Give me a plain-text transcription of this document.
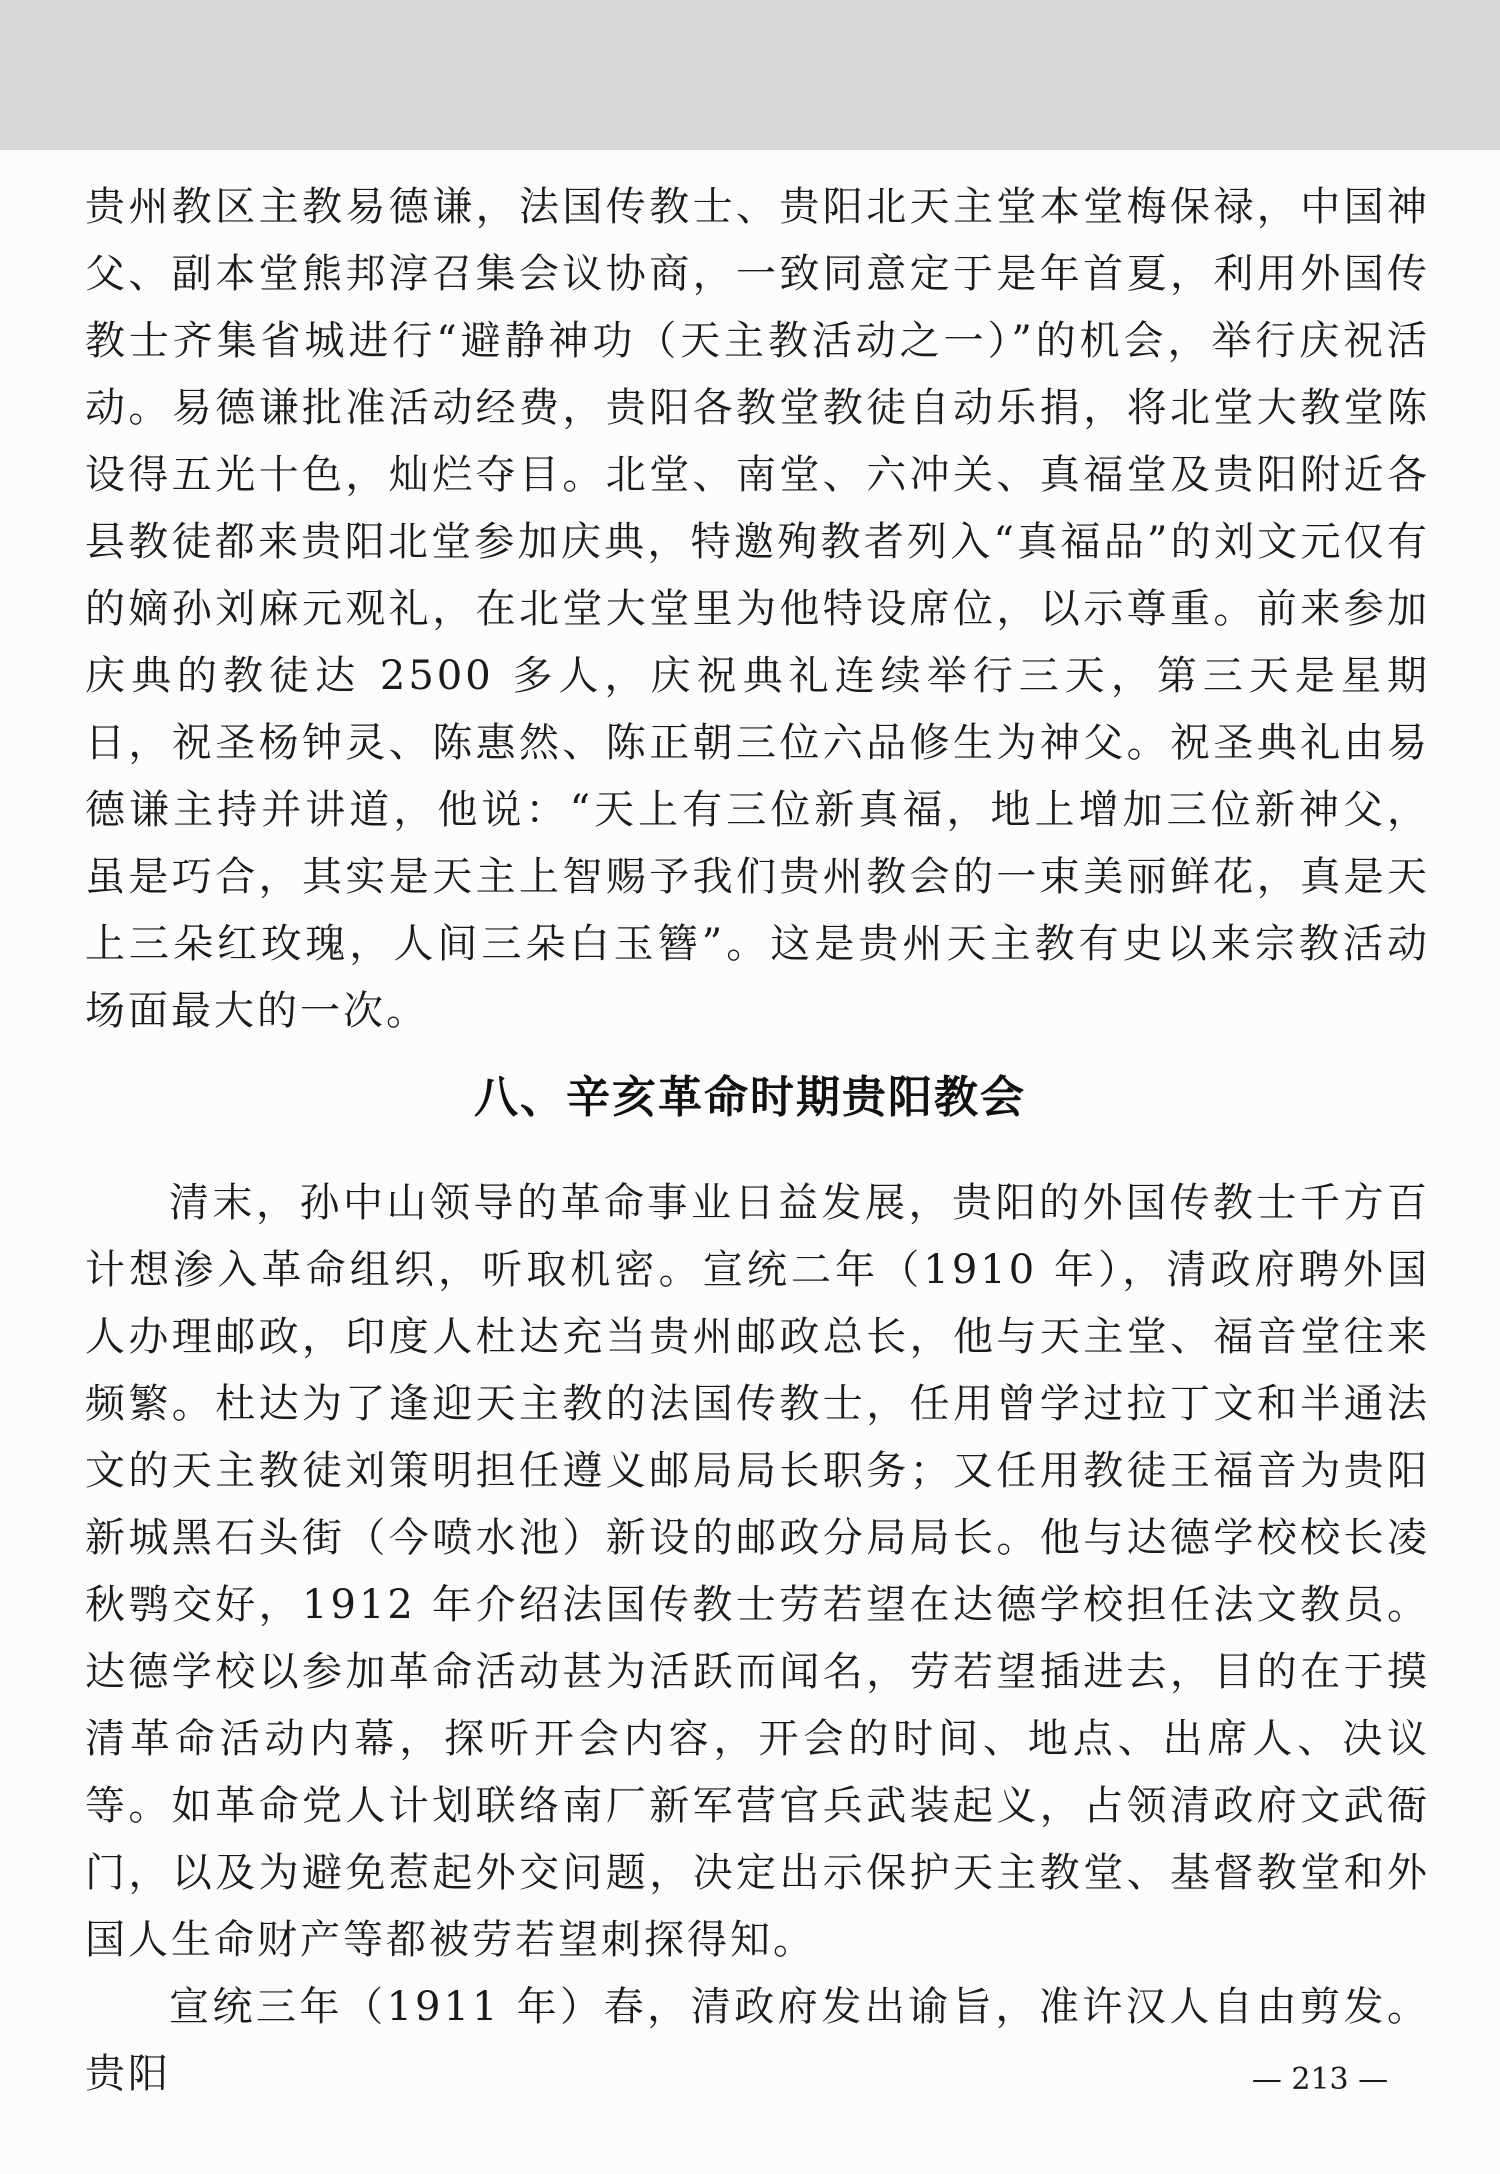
贵州教区主教易德谦，法国传教士、贵阳北天主堂本堂梅保禄，中国神父、副本堂熊邦淳召集会议协商，一致同意定于是年首夏，利用外国传教士齐集省城进行“避静神功（天主教活动之一）”的机会，举行庆祝活动。易德谦批准活动经费，贵阳各教堂教徒自动乐捐，将北堂大教堂陈设得五光十色，灿烂夺目。北堂、南堂、六冲关、真福堂及贵阳附近各县教徒都来贵阳北堂参加庆典，特邀殉教者列入“真福品”的刘文元仅有的嫡孙刘麻元观礼，在北堂大堂里为他特设席位，以示尊重。前来参加庆典的教徒达 2500 多人，庆祝典礼连续举行三天，第三天是星期日，祝圣杨钟灵、陈惠然、陈正朝三位六品修生为神父。祝圣典礼由易德谦主持并讲道，他说：“天上有三位新真福，地上增加三位新神父，虽是巧合，其实是天主上智赐予我们贵州教会的一束美丽鲜花，真是天上三朵红玫瑰，人间三朵白玉簪”。这是贵州天主教有史以来宗教活动场面最大的一次。

八、辛亥革命时期贵阳教会

清末，孙中山领导的革命事业日益发展，贵阳的外国传教士千方百计想渗入革命组织，听取机密。宣统二年（1910 年），清政府聘外国人办理邮政，印度人杜达充当贵州邮政总长，他与天主堂、福音堂往来频繁。杜达为了逢迎天主教的法国传教士，任用曾学过拉丁文和半通法文的天主教徒刘策明担任遵义邮局局长职务；又任用教徒王福音为贵阳新城黑石头街（今喷水池）新设的邮政分局局长。他与达德学校校长凌秋鹗交好，1912 年介绍法国传教士劳若望在达德学校担任法文教员。达德学校以参加革命活动甚为活跃而闻名，劳若望插进去，目的在于摸清革命活动内幕，探听开会内容，开会的时间、地点、出席人、决议等。如革命党人计划联络南厂新军营官兵武装起义，占领清政府文武衙门，以及为避免惹起外交问题，决定出示保护天主教堂、基督教堂和外国人生命财产等都被劳若望刺探得知。

宣统三年（1911 年）春，清政府发出谕旨，准许汉人自由剪发。贵阳	— 213 —
